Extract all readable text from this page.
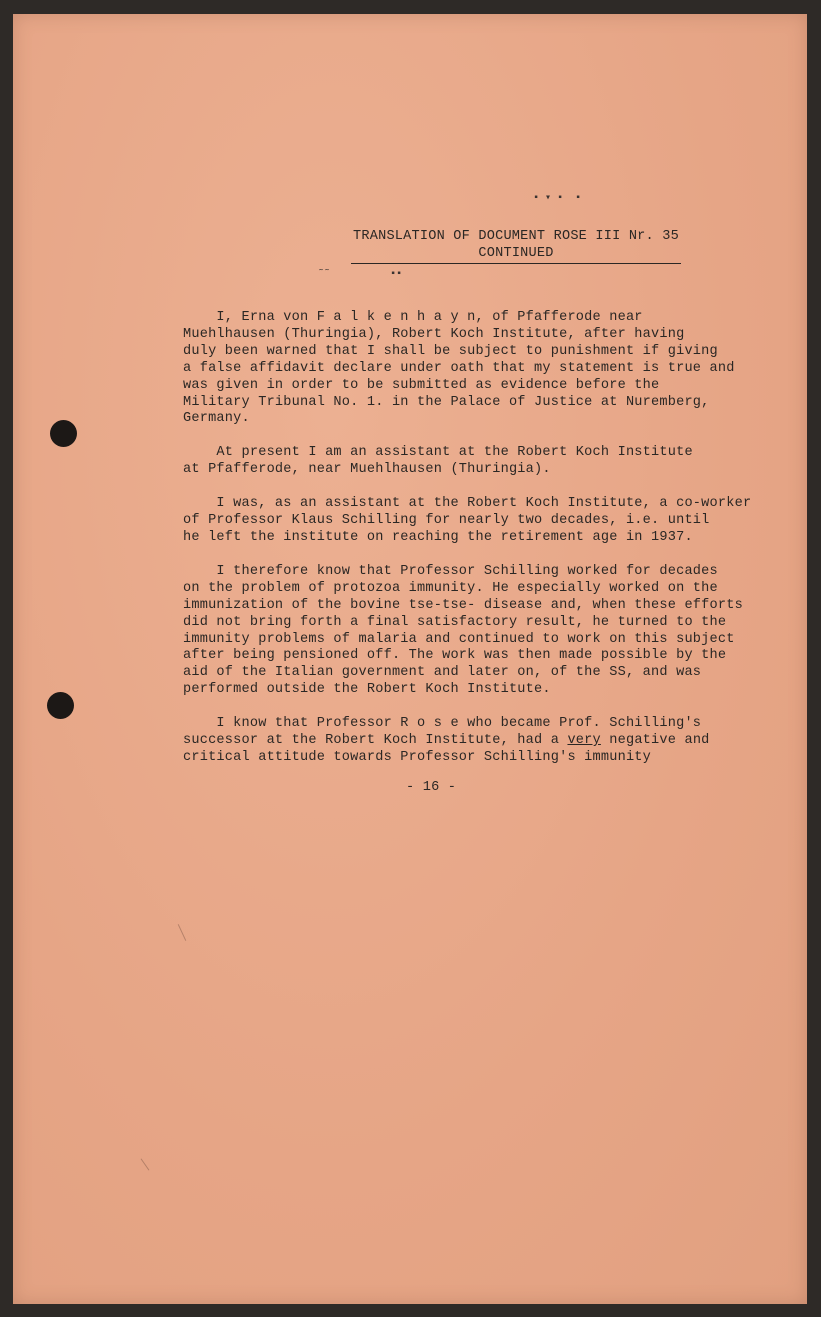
▪ ▾ ▪  ▪
˜˜          ▪▪
TRANSLATION OF DOCUMENT ROSE III Nr. 35
CONTINUED
I, Erna von F a l k e n h a y n, of Pfafferode near
Muehlhausen (Thuringia), Robert Koch Institute, after having
duly been warned that I shall be subject to punishment if giving
a false affidavit declare under oath that my statement is true and
was given in order to be submitted as evidence before the
Military Tribunal No. 1. in the Palace of Justice at Nuremberg,
Germany.
At present I am an assistant at the Robert Koch Institute
at Pfafferode, near Muehlhausen (Thuringia).
I was, as an assistant at the Robert Koch Institute, a co-worker
of Professor Klaus Schilling for nearly two decades, i.e. until
he left the institute on reaching the retirement age in 1937.
I therefore know that Professor Schilling worked for decades
on the problem of protozoa immunity. He especially worked on the
immunization of the bovine tse-tse- disease and, when these efforts
did not bring forth a final satisfactory result, he turned to the
immunity problems of malaria and continued to work on this subject
after being pensioned off. The work was then made possible by the
aid of the Italian government and later on, of the SS, and was
performed outside the Robert Koch Institute.
I know that Professor R o s e who became Prof. Schilling's
successor at the Robert Koch Institute, had a very negative and
critical attitude towards Professor Schilling's immunity
- 16 -
